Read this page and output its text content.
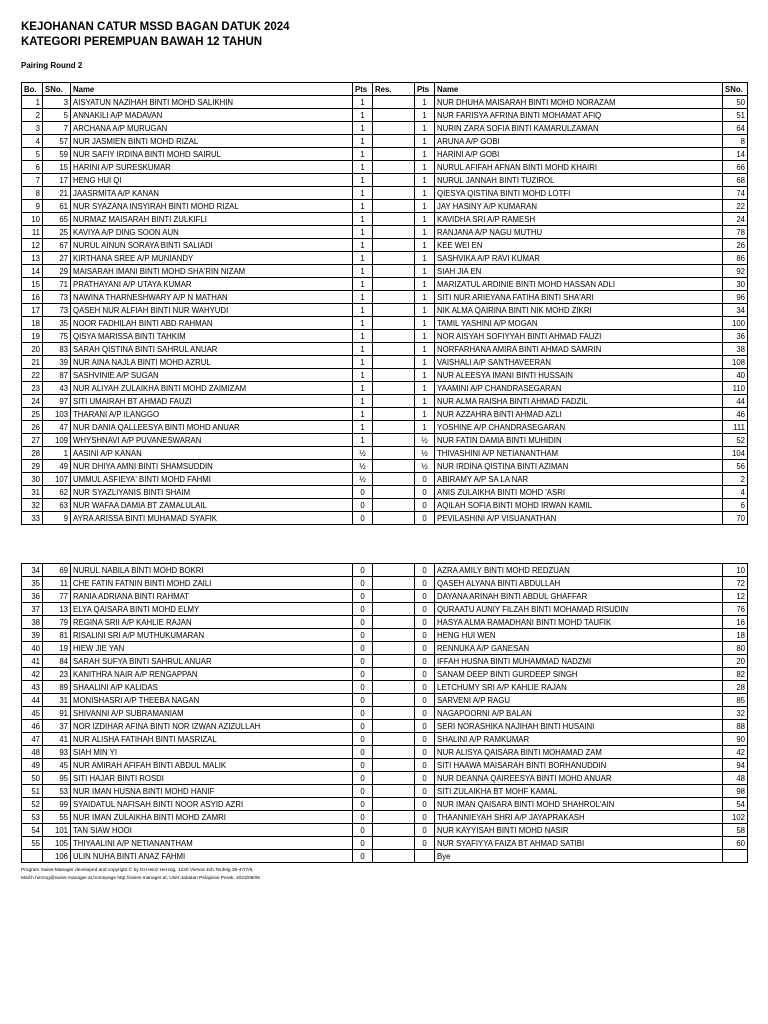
KEJOHANAN CATUR MSSD BAGAN DATUK 2024
KATEGORI PEREMPUAN BAWAH 12 TAHUN
Pairing Round 2
Bo.	SNo.	Name	Pts	Res.	Pts	Name	SNo.
1	3	AISYATUN NAZIHAH BINTI MOHD SALIKHIN	1		1	NUR DHUHA MAISARAH BINTI MOHD NORAZAM	50
2	5	ANNAKILI A/P MADAVAN	1		1	NUR FARISYA AFRINA BINTI MOHAMAT AFIQ	51
3	7	ARCHANA A/P MURUGAN	1		1	NURIN ZARA SOFIA BINTI KAMARULZAMAN	64
4	57	NUR JASMIEN BINTI MOHD RIZAL	1		1	ARUNA A/P GOBI	8
5	59	NUR SAFIY IRDINA BINTI MOHD SAIRUL	1		1	HARINI A/P GOBI	14
6	15	HARINI A/P SURESKUMAR	1		1	NURUL AFIFAH AFNAN BINTI MOHD KHAIRI	66
7	17	HENG HUI QI	1		1	NURUL JANNAH BINTI TUZIROL	68
8	21	JAASRMITA A/P KANAN	1		1	QIESYA QISTINA BINTI MOHD LOTFI	74
9	61	NUR SYAZANA INSYIRAH BINTI MOHD RIZAL	1		1	JAY HASINY A/P KUMARAN	22
10	65	NURMAZ MAISARAH BINTI ZULKIFLI	1		1	KAVIDHA SRI A/P RAMESH	24
11	25	KAVIYA A/P DING SOON AUN	1		1	RANJANA A/P NAGU MUTHU	78
12	67	NURUL AINUN SORAYA BINTI SALIADI	1		1	KEE WEI EN	26
13	27	KIRTHANA SREE A/P MUNIANDY	1		1	SASHVIKA A/P RAVI KUMAR	86
14	29	MAISARAH IMANI BINTI MOHD SHA'RIN NIZAM	1		1	SIAH JIA EN	92
15	71	PRATHAYANI A/P UTAYA KUMAR	1		1	MARIZATUL ARDINIE BINTI MOHD HASSAN ADLI	30
16	73	NAWINA THARNESHWARY A/P N MATHAN	1		1	SITI NUR ARIEYANA FATIHA BINTI SHA'ARI	96
17	73	QASEH NUR ALFIAH BINTI NUR WAHYUDI	1		1	NIK ALMA QAIRINA BINTI NIK MOHD ZIKRI	34
18	35	NOOR FADHILAH BINTI ABD RAHMAN	1		1	TAMIL YASHINI A/P MOGAN	100
19	75	QISYA MARISSA BINTI TAHKIM	1		1	NOR AISYAH SOFIYYAH BINTI AHMAD FAUZI	36
20	83	SARAH QISTINA BINTI SAHRUL ANUAR	1		1	NORFARHANA AMIRA BINTI AHMAD SAMRIN	38
21	39	NUR AINA NAJLA BINTI MOHD AZRUL	1		1	VAISHALI A/P SANTHAVEERAN	108
22	87	SASHVINIE A/P SUGAN	1		1	NUR ALEESYA IMANI BINTI HUSSAIN	40
23	43	NUR ALIYAH ZULAIKHA BINTI MOHD ZAIMIZAM	1		1	YAAMINI A/P CHANDRASEGARAN	110
24	97	SITI UMAIRAH BT AHMAD FAUZI	1		1	NUR ALMA RAISHA BINTI AHMAD FADZIL	44
25	103	THARANI A/P ILANGGO	1		1	NUR AZZAHRA BINTI AHMAD AZLI	46
26	47	NUR DANIA QALLEESYA BINTI MOHD ANUAR	1		1	YOSHINE A/P CHANDRASEGARAN	111
27	109	WHYSHNAVI A/P PUVANESWARAN	1		½	NUR FATIN DAMIA BINTI MUHIDIN	52
28	1	AASINI A/P KANAN	½		½	THIVASHINI A/P NETIANANTHAM	104
29	49	NUR DHIYA AMNI BINTI SHAMSUDDIN	½		½	NUR IRDINA QISTINA BINTI AZIMAN	56
30	107	UMMUL ASFIEYA' BINTI MOHD FAHMI	½		0	ABIRAMY A/P SA LA NAR	2
31	62	NUR SYAZLIYANIS BINTI SHAIM	0		0	ANIS ZULAIKHA BINTI MOHD 'ASRI	4
32	63	NUR WAFAA DAMIA BT ZAMALULAIL	0		0	AQILAH SOFIA BINTI MOHD IRWAN KAMIL	6
33	9	AYRA ARISSA BINTI MUHAMAD SYAFIK	0		0	PEVILASHINI A/P VISUANATHAN	70
34	69	NURUL NABILA BINTI MOHD BOKRI	0		0	AZRA AMILY BINTI MOHD REDZUAN	10
35	11	CHE FATIN FATNIN BINTI MOHD ZAILI	0		0	QASEH ALYANA BINTI ABDULLAH	72
36	77	RANIA ADRIANA BINTI RAHMAT	0		0	DAYANA ARINAH BINTI ABDUL GHAFFAR	12
37	13	ELYA QAISARA BINTI MOHD ELMY	0		0	QURAATU AUNIY FILZAH BINTI MOHAMAD RISUDIN	76
38	79	REGINA SRII A/P KAHLIE RAJAN	0		0	HASYA ALMA RAMADHANI BINTI MOHD TAUFIK	16
39	81	RISALINI SRI A/P MUTHUKUMARAN	0		0	HENG HUI WEN	18
40	19	HIEW JIE YAN	0		0	RENNUKA A/P GANESAN	80
41	84	SARAH SUFYA BINTI SAHRUL ANUAR	0		0	IFFAH HUSNA BINTI MUHAMMAD NADZMI	20
42	23	KANITHRA NAIR A/P RENGAPPAN	0		0	SANAM DEEP BINTI GURDEEP SINGH	82
43	89	SHAALINI A/P KALIDAS	0		0	LETCHUMY SRI A/P KAHLIE RAJAN	28
44	31	MONISHASRI A/P THEEBA NAGAN	0		0	SARVENI A/P RAGU	85
45	91	SHIVANNI A/P SUBRAMANIAM	0		0	NAGAPOORNI A/P BALAN	32
46	37	NOR IZDIHAR AFINA BINTI NOR IZWAN AZIZULLAH	0		0	SERI NORASHIKA NAJIHAH BINTI HUSAINI	88
47	41	NUR ALISHA FATIHAH BINTI MASRIZAL	0		0	SHALINI A/P RAMKUMAR	90
48	93	SIAH MIN YI	0		0	NUR ALISYA QAISARA BINTI MOHAMAD ZAM	42
49	45	NUR AMIRAH AFIFAH BINTI ABDUL MALIK	0		0	SITI HAAWA MAISARAH BINTI BORHANUDDIN	94
50	95	SITI HAJAR BINTI ROSDI	0		0	NUR DEANNA QAIREESYA BINTI MOHD ANUAR	48
51	53	NUR IMAN HUSNA BINTI MOHD HANIF	0		0	SITI ZULAIKHA BT MOHF KAMAL	98
52	99	SYAIDATUL NAFISAH BINTI NOOR ASYID AZRI	0		0	NUR IMAN QAISARA BINTI MOHD SHAHROL'AIN	54
53	55	NUR IMAN ZULAIKHA BINTI MOHD ZAMRI	0		0	THAANNIEYAH SHRI A/P JAYAPRAKASH	102
54	101	TAN SIAW HOOI	0		0	NUR KAYYISAH BINTI MOHD NASIR	58
55	105	THIYAALINI A/P NETIANANTHAM	0		0	NUR SYAFIYYA FAIZA BT AHMAD SATIBI	60
	106	ULIN NUHA BINTI ANAZ FAHMI	0			Bye	
Program Swiss-Manager developed and copyright © by DI.Heinz Herzog, 1230 Vienna Joh.Teufelg.39-47/7/9,
Mail:h.herzog@swiss-manager.at,homepage http://swiss-manager.at, User:Jabatan Pelajaran Perak, 2023/06/06
